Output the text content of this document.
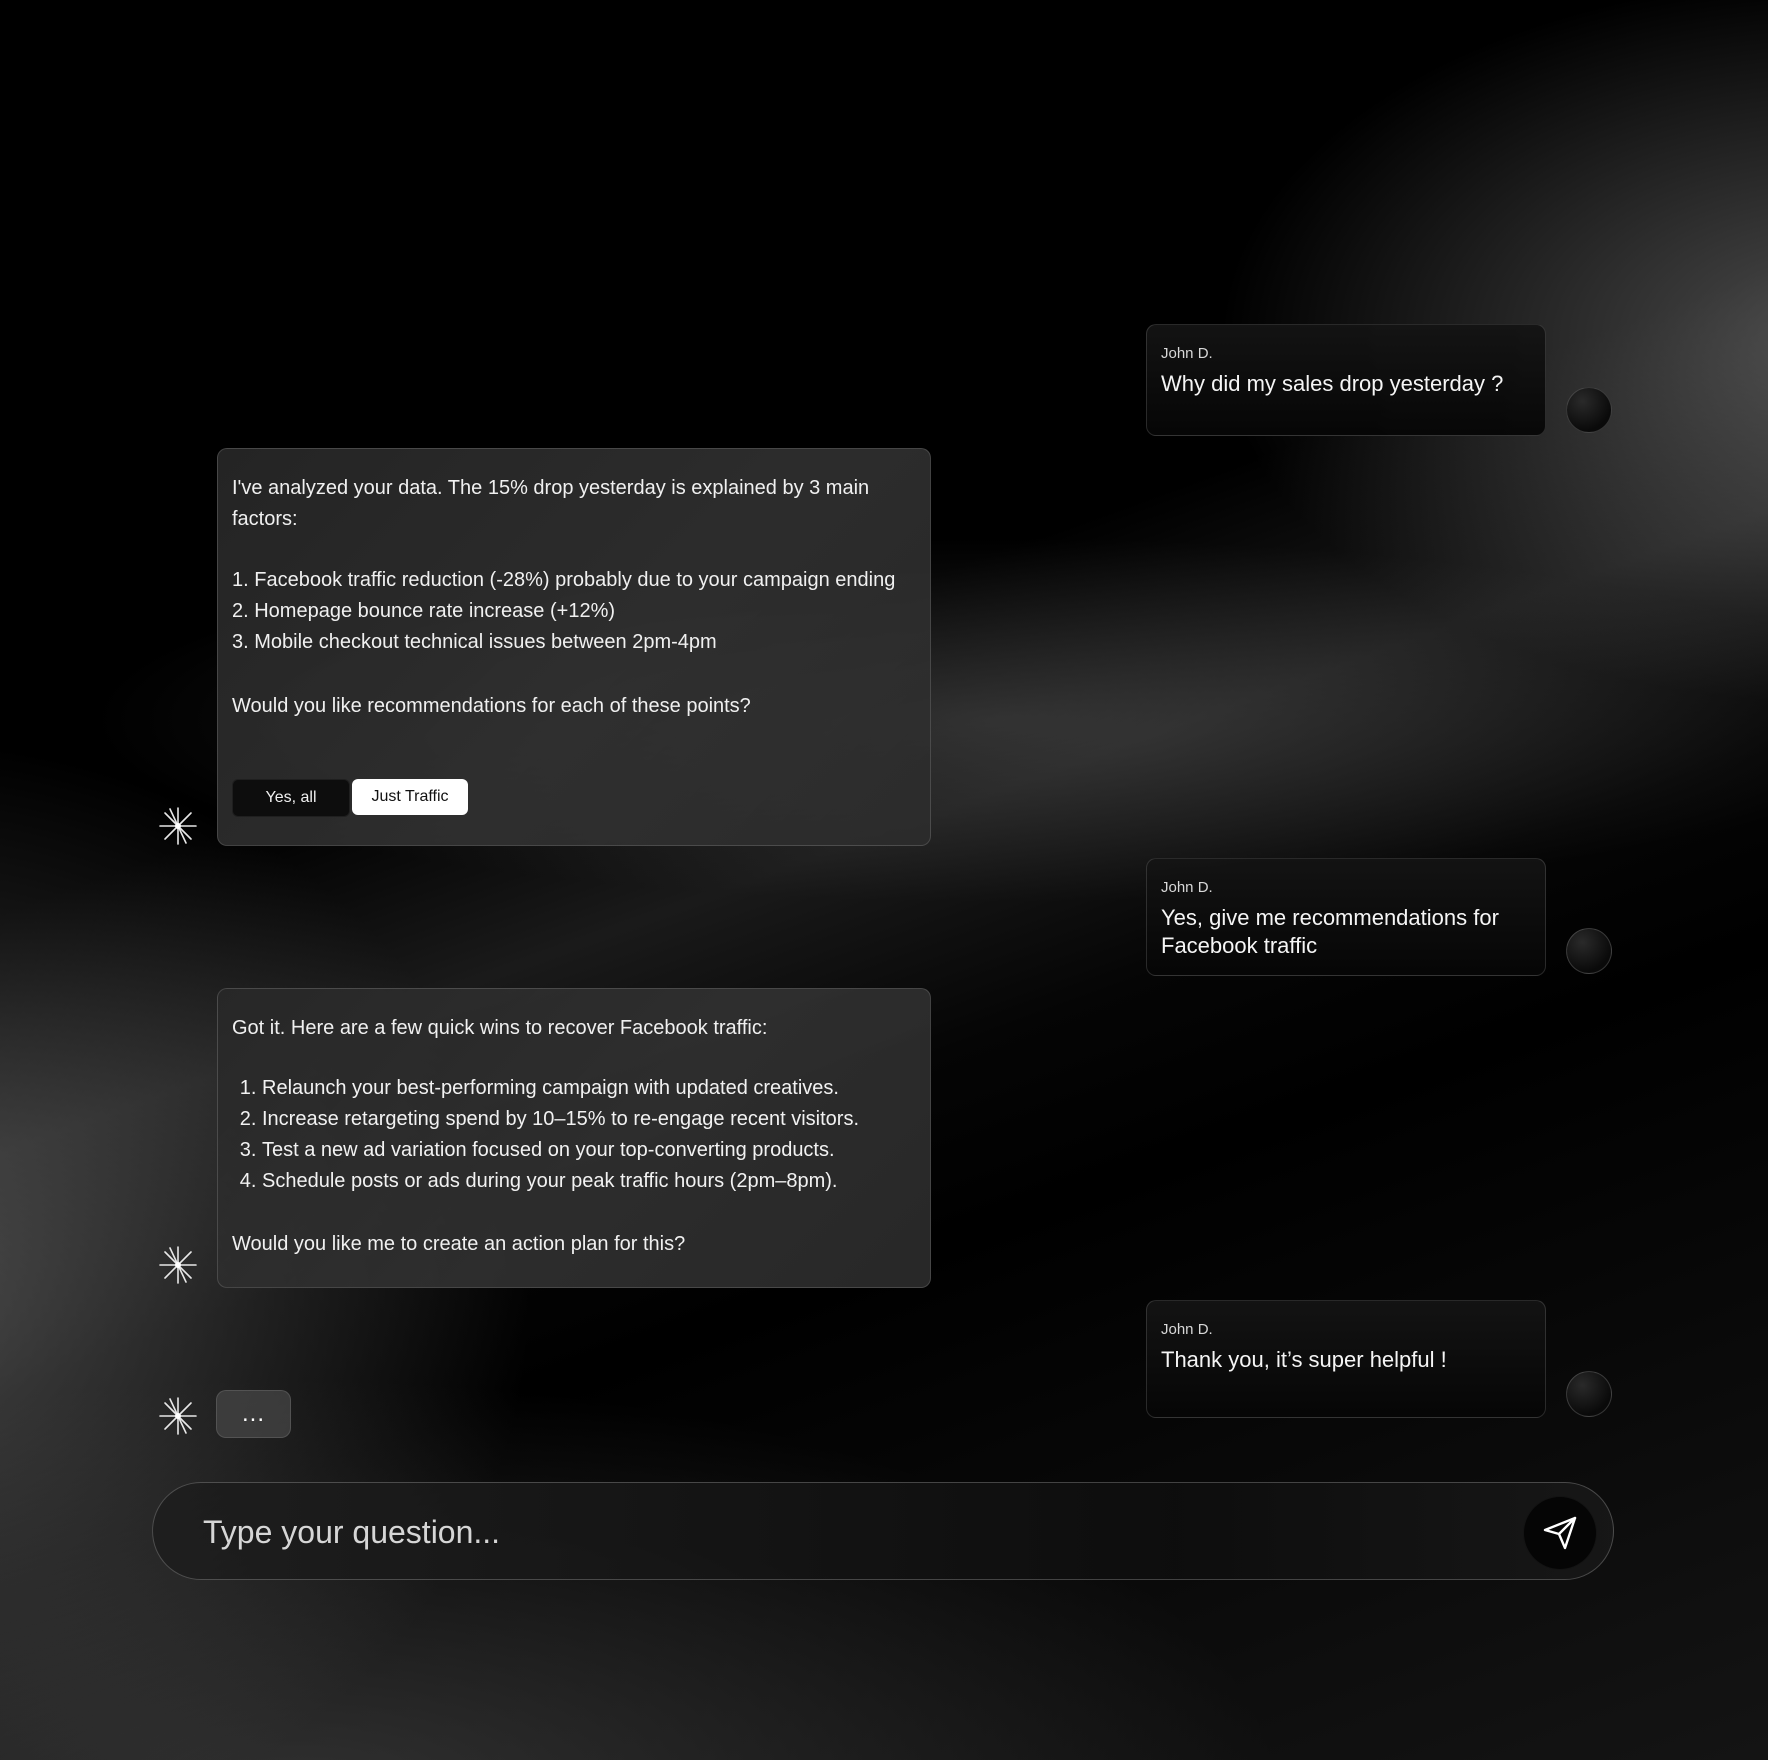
John D.
Why did my sales drop yesterday ?
I've analyzed your data. The 15% drop yesterday is explained by 3 main factors:
1. Facebook traffic reduction (-28%) probably due to your campaign ending
2. Homepage bounce rate increase (+12%)
3. Mobile checkout technical issues between 2pm-4pm
Would you like recommendations for each of these points?
Yes, all	Just Traffic
John D.
Yes, give me recommendations for Facebook traffic
Got it. Here are a few quick wins to recover Facebook traffic:
1. Relaunch your best-performing campaign with updated creatives.
2. Increase retargeting spend by 10–15% to re-engage recent visitors.
3. Test a new ad variation focused on your top-converting products.
4. Schedule posts or ads during your peak traffic hours (2pm–8pm).
Would you like me to create an action plan for this?
John D.
Thank you, it’s super helpful !
...
Type your question...
